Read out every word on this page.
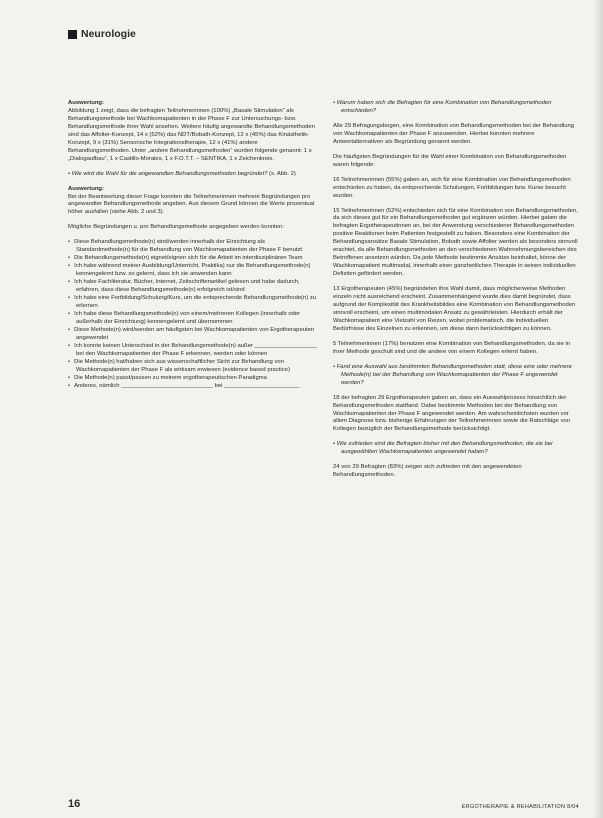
Neurologie
Auswertung:

Abbildung 1 zeigt, dass die befragten Teilnehmerinnen (100%) „Basale Stimulation“ als Behandlungsmethode bei Wachkomapatienten in der Phase F zur Untersuchungs- bzw. Behandlungsmethode ihrer Wahl ansehen. Weitere häufig angewandte Behandlungsmethoden sind das Affolter-Konzept, 14 x (52%) das NDT/Bobath-Konzept, 12 x (45%) das Kinästhetik-Konzept, 9 x (31%) Sensorische Integrationstherapie, 12 x (41%) andere Behandlungsmethoden. Unter „andere Behandlungsmethoden“ wurden folgende genannt: 1 x „Dialogaufbau“, 1 x Castillo-Morales, 1 x F.O.T.T. – SENTIKA, 1 x Zeichenkreis.

• Wie wird die Wahl für die angewandten Behandlungsmethoden begründet? (s. Abb. 2)

Auswertung:

Bei der Beantwortung dieser Frage konnten die Teilnehmerinnen mehrere Begründungen pro angewandter Behandlungsmethode angeben. Aus diesem Grund können die Werte prozentual höher ausfallen (siehe Abb. 2 und 3).

Mögliche Begründungen u. pro Behandlungsmethode angegeben werden konnten:

• Diese Behandlungsmethode(n) wird/werden innerhalb der Einrichtung als Standardmethode(n) für die Behandlung von Wachkomapatienten der Phase F benutzt
• Die Behandlungsmethode(n) eignet/eignen sich für die Arbeit im interdisziplinären Team
• Ich habe während meiner Ausbildung/Unterricht, Praktika) nur die Behandlungsmethode(n) kennengelernt bzw. so gelernt, dass ich sie anwenden kann
• Ich habe Fachliteratur, Bücher, Internet, Zeitschriftenartikel gelesen und habe dadurch, erfahren, dass diese Behandlungsmethode(n) erfolgreich ist/sind
• Ich habe eine Fortbildung/Schulung/Kurs, um die entsprechende Behandlungsmethode(n) zu erlernen
• Ich habe diese Behandlungsmethode(n) von einem/mehreren Kollegen (innerhalb oder außerhalb der Einrichtung) kennengelernt und übernommen
• Diese Methode(n) wird/werden am häufigsten bei Wachkomapatienten von Ergotherapeuten angewendet
• Ich konnte keinen Unterschied in der Behandlungsmethode(n) außer ___________________ bei den Wachkomapatienten der Phase F erkennen, werden oder können
• Die Methode(n) hat/haben sich aus wissenschaftlicher Sicht zur Behandlung von Wachkomapatienten der Phase F als wirksam erwiesen (evidence based practice)
• Die Methode(n) passt/passen zu meinem ergotherapeutischen Paradigma
• Anderes, nämlich ____________________________ bei _______________________

• Warum haben sich die Befragten für eine Kombination von Behandlungsmethoden entschieden?

Alle 29 Befragungsbogen, eine Kombination von Behandlungsmethoden bei der Behandlung von Wachkomapatienten der Phase F anzuwenden. Hierbei konnten mehrere Antwortalternativen als Begründung genannt werden.

Die häufigsten Begründungen für die Wahl einer Kombination von Behandlungsmethoden waren folgende:

16 Teilnehmerinnen (55%) gaben an, sich für eine Kombination von Behandlungsmethoden entschieden zu haben, da entsprechende Schulungen, Fortbildungen bzw. Kurse besucht wurden.

15 Teilnehmerinnen (52%) entschieden sich für eine Kombination von Behandlungsmethoden, da sich dieses gut für ein Behandlungsmethoden gut ergänzen würden. Hierbei gaben die befragten Ergotherapeutinnen an, bei der Anwendung verschiedener Behandlungsmethoden positive Reaktionen beim Patienten festgestellt zu haben. Besonders eine Kombination der Behandlungsansätze Basale Stimulation, Bobath sowie Affolter werden als besonders sinnvoll erachtet, da alle Behandlungsmethoden an den verschiedenen Wahrnehmungsbereichen des Betroffenen ansetzen würden. Da jede Methode bestimmte Ansätze beinhaltet, könne der Wachkomapatient multimodal, innerhalb einer ganzheitlichen Therapie in seinen individuellen Defiziten gefördert werden.

13 Ergotherapeuten (45%) begründeten ihre Wahl damit, dass möglicherweise Methoden einzeln nicht ausreichend erscheint. Zusammenhängend wurde dies damit begründet, dass aufgrund der Komplexität des Krankheitsbildes eine Kombination von Behandlungsmethoden sinnvoll erscheint, um einen multimodalen Ansatz zu gewährleisten. Hierdurch erhält der Wachkomapatient eine Vielzahl von Reizen, wobei problematisch, die individuellen Bedürfnisse des Einzelnen zu erkennen, um diese dann berücksichtigen zu können.

5 Teilnehmerinnen (17%) benutzen eine Kombination von Behandlungsmethoden, da sie in ihrer Methode geschult sind und die andere von einem Kollegen erlernt haben.

• Fand eine Auswahl aus bestimmten Behandlungsmethoden statt, diese eine oder mehrere Methode(n) bei der Behandlung von Wachkomapatienten der Phase F angewendet werden?

18 der befragten 29 Ergotherapeuten gaben an, dass ein Auswahlprozess hinsichtlich der Behandlungsmethoden stattfand. Dabei bestimmte Methoden bei der Behandlung von Wachkomapatienten der Phase F angewendet werden. Am wahrscheinlichsten wurden vor allem Diagnose bzw. bisherige Erfahrungen der Teilnehmerinnen sowie die Ratschläge von Kollegen bezüglich der Behandlungsmethode berücksichtigt.

• Wie zufrieden sind die Befragten bisher mit den Behandlungsmethoden, die sie bei ausgewählten Wachkomapatienten angewendet haben?

24 von 29 Befragten (83%) zeigen sich zufrieden mit den angewendeten Behandlungsmethoden.

16	ERGOTHERAPIE & REHABILITATION 8/04
